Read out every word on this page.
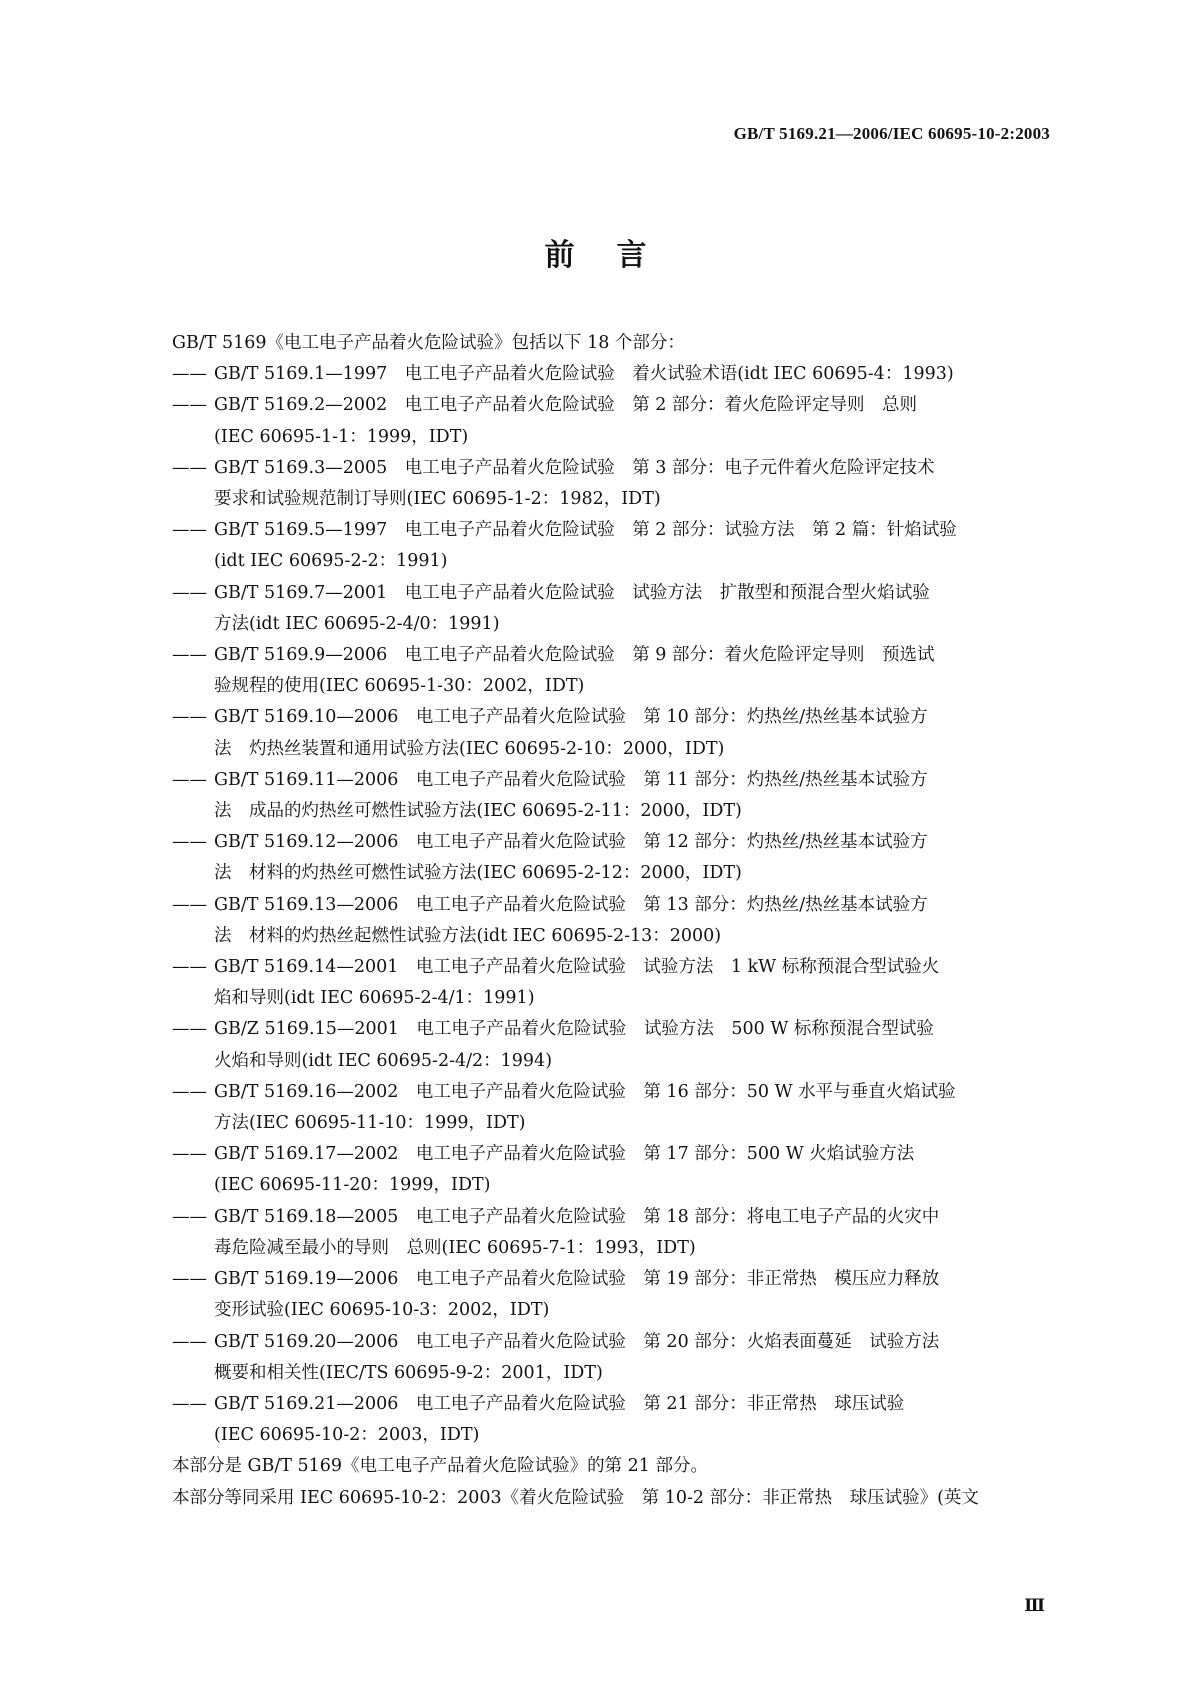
GB/T 5169.21—2006/IEC 60695-10-2:2003
前言

GB/T 5169《电工电子产品着火危险试验》包括以下 18 个部分：

—— GB/T 5169.1—1997　电工电子产品着火危险试验　着火试验术语(idt IEC 60695-4：1993)
—— GB/T 5169.2—2002　电工电子产品着火危险试验　第 2 部分：着火危险评定导则　总则
(IEC 60695-1-1：1999，IDT)
—— GB/T 5169.3—2005　电工电子产品着火危险试验　第 3 部分：电子元件着火危险评定技术
要求和试验规范制订导则(IEC 60695-1-2：1982，IDT)
—— GB/T 5169.5—1997　电工电子产品着火危险试验　第 2 部分：试验方法　第 2 篇：针焰试验
(idt IEC 60695-2-2：1991)
—— GB/T 5169.7—2001　电工电子产品着火危险试验　试验方法　扩散型和预混合型火焰试验
方法(idt IEC 60695-2-4/0：1991)
—— GB/T 5169.9—2006　电工电子产品着火危险试验　第 9 部分：着火危险评定导则　预选试
验规程的使用(IEC 60695-1-30：2002，IDT)
—— GB/T 5169.10—2006　电工电子产品着火危险试验　第 10 部分：灼热丝/热丝基本试验方
法　灼热丝装置和通用试验方法(IEC 60695-2-10：2000，IDT)
—— GB/T 5169.11—2006　电工电子产品着火危险试验　第 11 部分：灼热丝/热丝基本试验方
法　成品的灼热丝可燃性试验方法(IEC 60695-2-11：2000，IDT)
—— GB/T 5169.12—2006　电工电子产品着火危险试验　第 12 部分：灼热丝/热丝基本试验方
法　材料的灼热丝可燃性试验方法(IEC 60695-2-12：2000，IDT)
—— GB/T 5169.13—2006　电工电子产品着火危险试验　第 13 部分：灼热丝/热丝基本试验方
法　材料的灼热丝起燃性试验方法(idt IEC 60695-2-13：2000)
—— GB/T 5169.14—2001　电工电子产品着火危险试验　试验方法　1 kW 标称预混合型试验火
焰和导则(idt IEC 60695-2-4/1：1991)
—— GB/Z 5169.15—2001　电工电子产品着火危险试验　试验方法　500 W 标称预混合型试验
火焰和导则(idt IEC 60695-2-4/2：1994)
—— GB/T 5169.16—2002　电工电子产品着火危险试验　第 16 部分：50 W 水平与垂直火焰试验
方法(IEC 60695-11-10：1999，IDT)
—— GB/T 5169.17—2002　电工电子产品着火危险试验　第 17 部分：500 W 火焰试验方法
(IEC 60695-11-20：1999，IDT)
—— GB/T 5169.18—2005　电工电子产品着火危险试验　第 18 部分：将电工电子产品的火灾中
毒危险减至最小的导则　总则(IEC 60695-7-1：1993，IDT)
—— GB/T 5169.19—2006　电工电子产品着火危险试验　第 19 部分：非正常热　模压应力释放
变形试验(IEC 60695-10-3：2002，IDT)
—— GB/T 5169.20—2006　电工电子产品着火危险试验　第 20 部分：火焰表面蔓延　试验方法
概要和相关性(IEC/TS 60695-9-2：2001，IDT)
—— GB/T 5169.21—2006　电工电子产品着火危险试验　第 21 部分：非正常热　球压试验
(IEC 60695-10-2：2003，IDT)

本部分是 GB/T 5169《电工电子产品着火危险试验》的第 21 部分。

本部分等同采用 IEC 60695-10-2：2003《着火危险试验　第 10-2 部分：非正常热　球压试验》(英文

Ⅲ
